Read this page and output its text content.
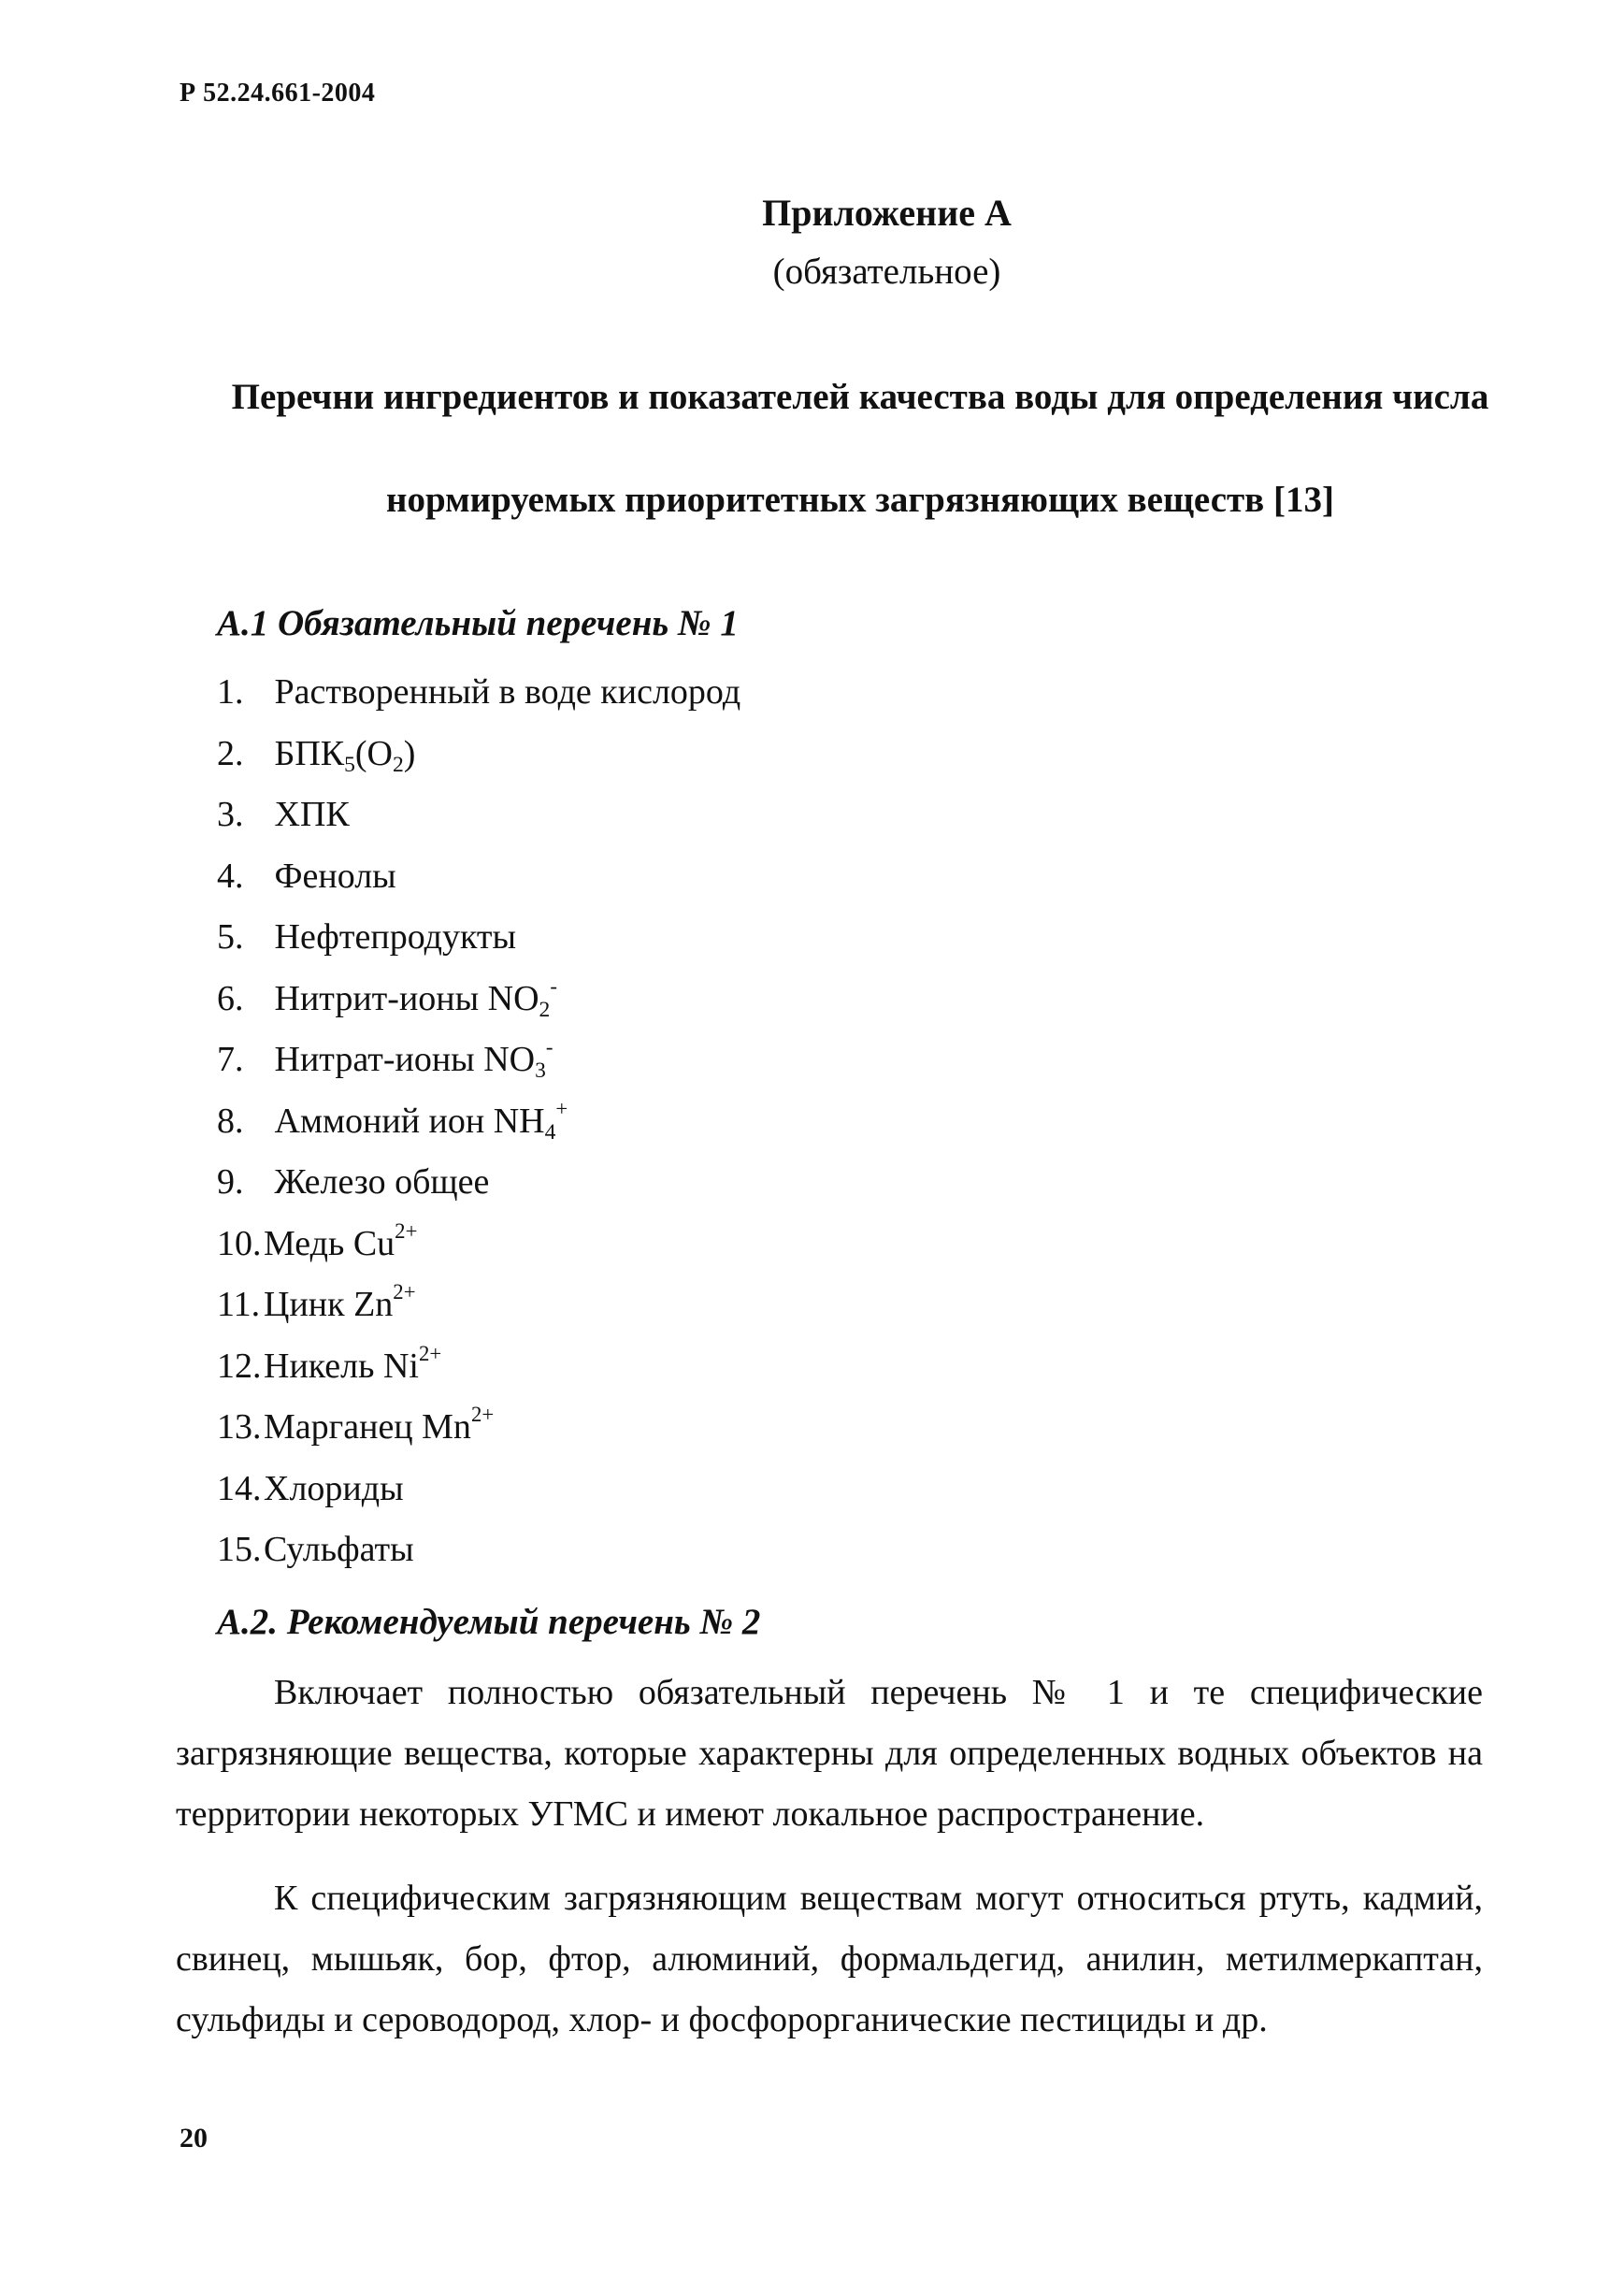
Р 52.24.661-2004
Приложение А
(обязательное)
Перечни ингредиентов и показателей качества воды для определения числа
нормируемых приоритетных загрязняющих веществ [13]
А.1 Обязательный перечень № 1
1. Растворенный в воде кислород
2. $БПК_5(О_2)$
3. ХПК
4. Фенолы
5. Нефтепродукты
6. Нитрит-ионы $NO_2^-$
7. Нитрат-ионы $NO_3^-$
8. Аммоний ион $NH_4^+$
9. Железо общее
10.Медь $Cu^{2+}$
11. Цинк $Zn^{2+}$
12.Никель $Ni^{2+}$
13.Марганец $Mn^{2+}$
14.Хлориды
15.Сульфаты
А.2. Рекомендуемый перечень № 2

Включает полностью обязательный перечень № 1 и те специфические загрязняющие вещества, которые характерны для определенных водных объектов на территории некоторых УГМС и имеют локальное распространение.

К специфическим загрязняющим веществам могут относиться ртуть, кадмий, свинец, мышьяк, бор, фтор, алюминий, формальдегид, анилин, метилмеркаптан, сульфиды и сероводород, хлор- и фосфорорганические пестициды и др.

20
